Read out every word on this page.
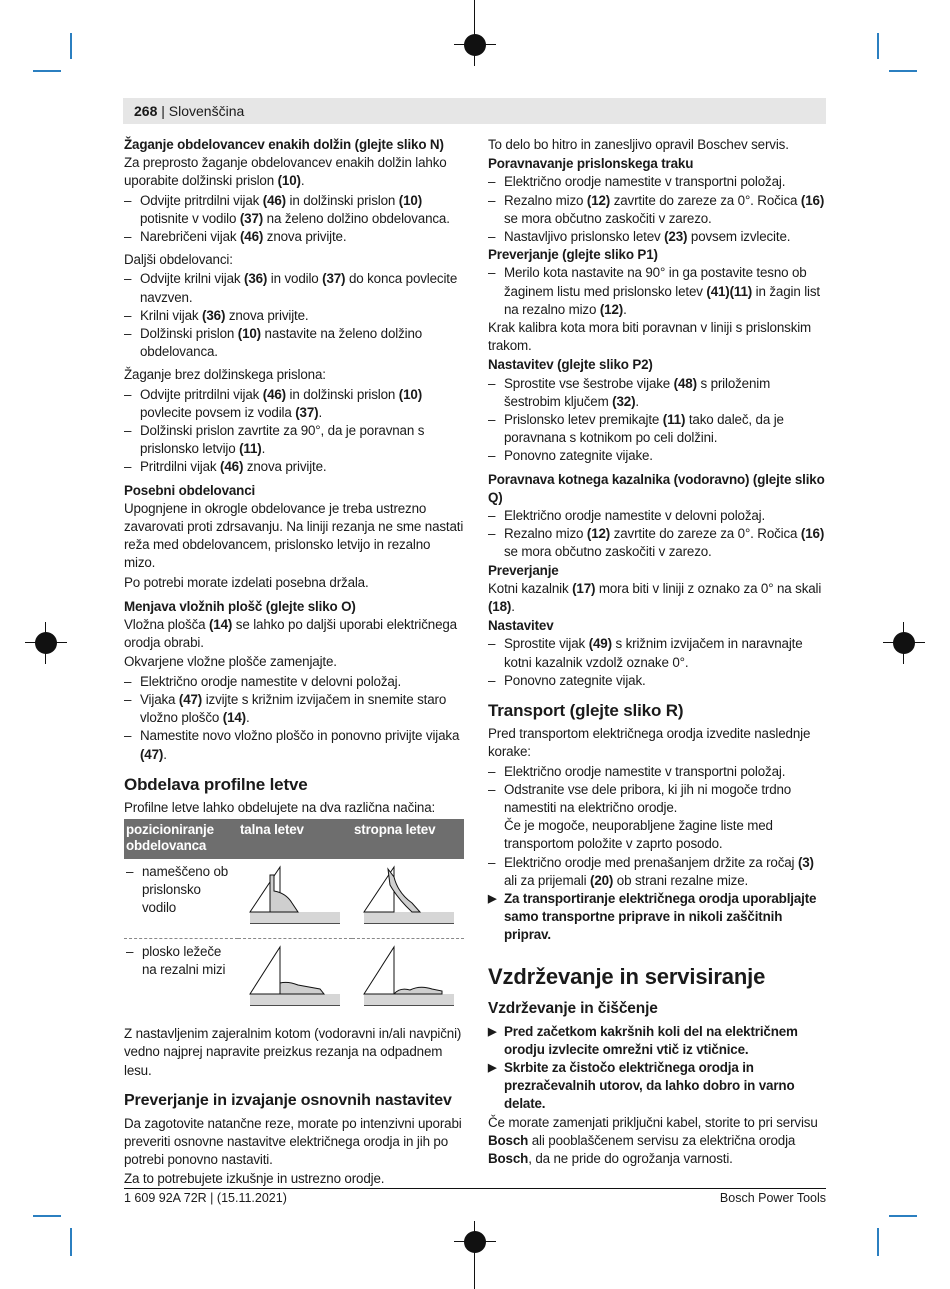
268 | Slovenščina
Žaganje obdelovancev enakih dolžin (glejte sliko N)
Za preprosto žaganje obdelovancev enakih dolžin lahko uporabite dolžinski prislon (10).
– Odvijte pritrdilni vijak (46) in dolžinski prislon (10) potisnite v vodilo (37) na želeno dolžino obdelovanca.
– Narebričeni vijak (46) znova privijte.
Daljši obdelovanci:
– Odvijte krilni vijak (36) in vodilo (37) do konca povlecite navzven.
– Krilni vijak (36) znova privijte.
– Dolžinski prislon (10) nastavite na želeno dolžino obdelovanca.
Žaganje brez dolžinskega prislona:
– Odvijte pritrdilni vijak (46) in dolžinski prislon (10) povlecite povsem iz vodila (37).
– Dolžinski prislon zavrtite za 90°, da je poravnan s prislonsko letvijo (11).
– Pritrdilni vijak (46) znova privijte.
Posebni obdelovanci
Upognjene in okrogle obdelovance je treba ustrezno zavarovati proti zdrsavanju. Na liniji rezanja ne sme nastati reža med obdelovancem, prislonsko letvijo in rezalno mizo.
Po potrebi morate izdelati posebna držala.
Menjava vložnih plošč (glejte sliko O)
Vložna plošča (14) se lahko po daljši uporabi električnega orodja obrabi.
Okvarjene vložne plošče zamenjajte.
– Električno orodje namestite v delovni položaj.
– Vijaka (47) izvijte s križnim izvijačem in snemite staro vložno ploščo (14).
– Namestite novo vložno ploščo in ponovno privijte vijaka (47).
Obdelava profilne letve
Profilne letve lahko obdelujete na dva različna načina:
pozicioniranje obdelovanca	talna letev	stropna letev

– nameščeno ob prislonsko vodilo

– plosko ležeče na rezalni mizi

Z nastavljenim zajeralnim kotom (vodoravni in/ali navpični) vedno najprej napravite preizkus rezanja na odpadnem lesu.
Preverjanje in izvajanje osnovnih nastavitev
Da zagotovite natančne reze, morate po intenzivni uporabi preveriti osnovne nastavitve električnega orodja in jih po potrebi ponovno nastaviti.
Za to potrebujete izkušnje in ustrezno orodje.
To delo bo hitro in zanesljivo opravil Boschev servis.
Poravnavanje prislonskega traku
– Električno orodje namestite v transportni položaj.
– Rezalno mizo (12) zavrtite do zareze za 0°. Ročica (16) se mora občutno zaskočiti v zarezo.
– Nastavljivo prislonsko letev (23) povsem izvlecite.
Preverjanje (glejte sliko P1)
– Merilo kota nastavite na 90° in ga postavite tesno ob žaginem listu med prislonsko letev (41)(11) in žagin list na rezalno mizo (12).
Krak kalibra kota mora biti poravnan v liniji s prislonskim trakom.
Nastavitev (glejte sliko P2)
– Sprostite vse šestrobe vijake (48) s priloženim šestrobim ključem (32).
– Prislonsko letev premikajte (11) tako daleč, da je poravnana s kotnikom po celi dolžini.
– Ponovno zategnite vijake.
Poravnava kotnega kazalnika (vodoravno) (glejte sliko Q)
– Električno orodje namestite v delovni položaj.
– Rezalno mizo (12) zavrtite do zareze za 0°. Ročica (16) se mora občutno zaskočiti v zarezo.
Preverjanje
Kotni kazalnik (17) mora biti v liniji z oznako za 0° na skali (18).
Nastavitev
– Sprostite vijak (49) s križnim izvijačem in naravnajte kotni kazalnik vzdolž oznake 0°.
– Ponovno zategnite vijak.
Transport (glejte sliko R)
Pred transportom električnega orodja izvedite naslednje korake:
– Električno orodje namestite v transportni položaj.
– Odstranite vse dele pribora, ki jih ni mogoče trdno namestiti na električno orodje.
Če je mogoče, neuporabljene žagine liste med transportom položite v zaprto posodo.
– Električno orodje med prenašanjem držite za ročaj (3) ali za prijemali (20) ob strani rezalne mize.
▶ Za transportiranje električnega orodja uporabljajte samo transportne priprave in nikoli zaščitnih priprav.
Vzdrževanje in servisiranje
Vzdrževanje in čiščenje
▶ Pred začetkom kakršnih koli del na električnem orodju izvlecite omrežni vtič iz vtičnice.
▶ Skrbite za čistočo električnega orodja in prezračevalnih utorov, da lahko dobro in varno delate.
Če morate zamenjati priključni kabel, storite to pri servisu Bosch ali pooblaščenem servisu za električna orodja Bosch, da ne pride do ogrožanja varnosti.
1 609 92A 72R | (15.11.2021)	Bosch Power Tools
